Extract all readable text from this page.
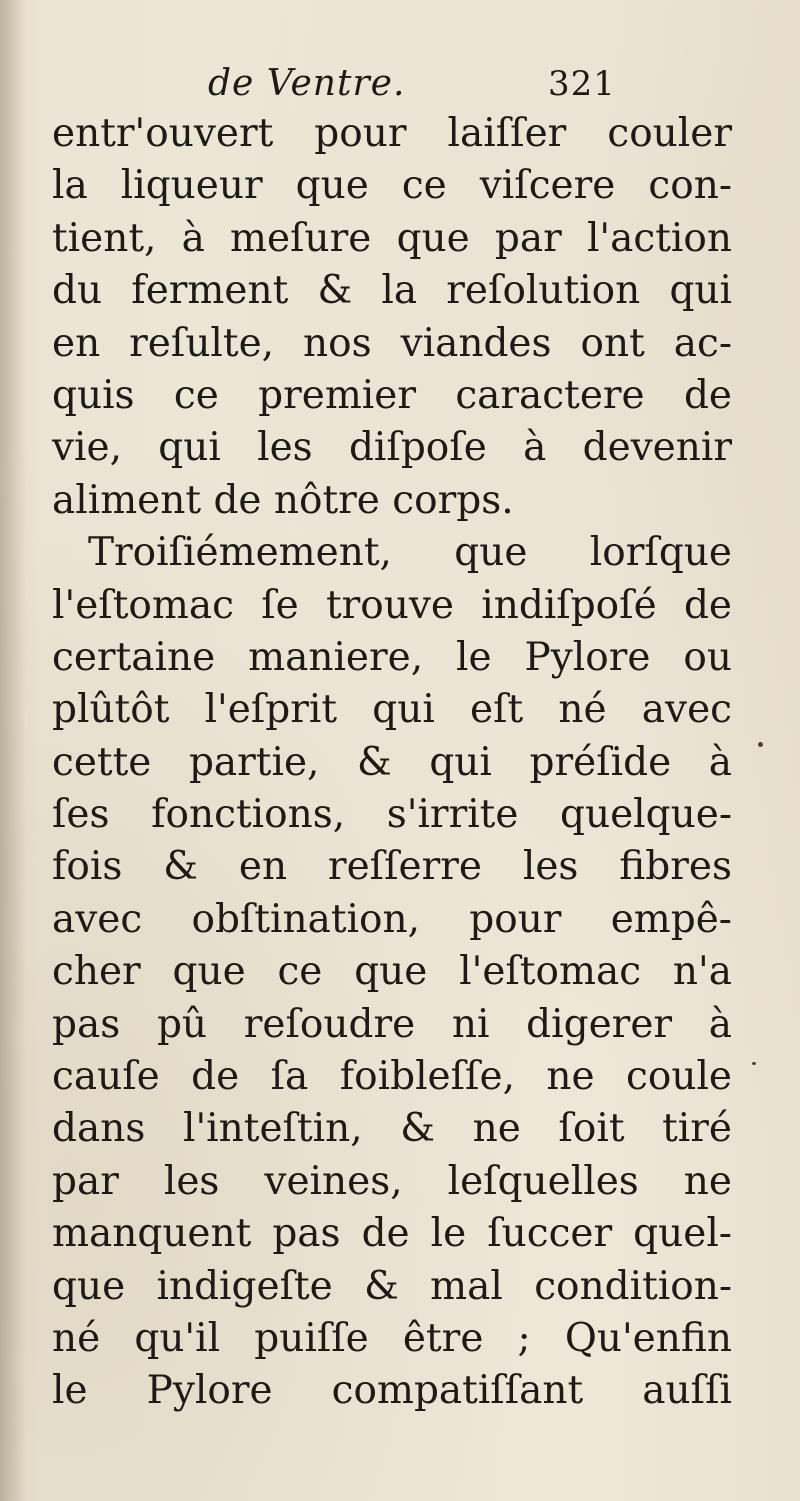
de Ventre.	321
entr'ouvert pour laiſſer couler
la liqueur que ce viſcere con-
tient, à meſure que par l'action
du ferment & la reſolution qui
en reſulte, nos viandes ont ac-
quis ce premier caractere de
vie, qui les diſpoſe à devenir
aliment de nôtre corps.
Troiſiémement, que lorſque
l'eſtomac ſe trouve indiſpoſé de
certaine maniere, le Pylore ou
plûtôt l'eſprit qui eſt né avec
cette partie, & qui préſide à
ſes fonctions, s'irrite quelque-
fois & en reſſerre les fibres
avec obſtination, pour empê-
cher que ce que l'eſtomac n'a
pas pû reſoudre ni digerer à
cauſe de ſa foibleſſe, ne coule
dans l'inteſtin, & ne ſoit tiré
par les veines, leſquelles ne
manquent pas de le ſuccer quel-
que indigeſte & mal condition-
né qu'il puiſſe être ; Qu'enfin
le Pylore compatiſſant auſſi
